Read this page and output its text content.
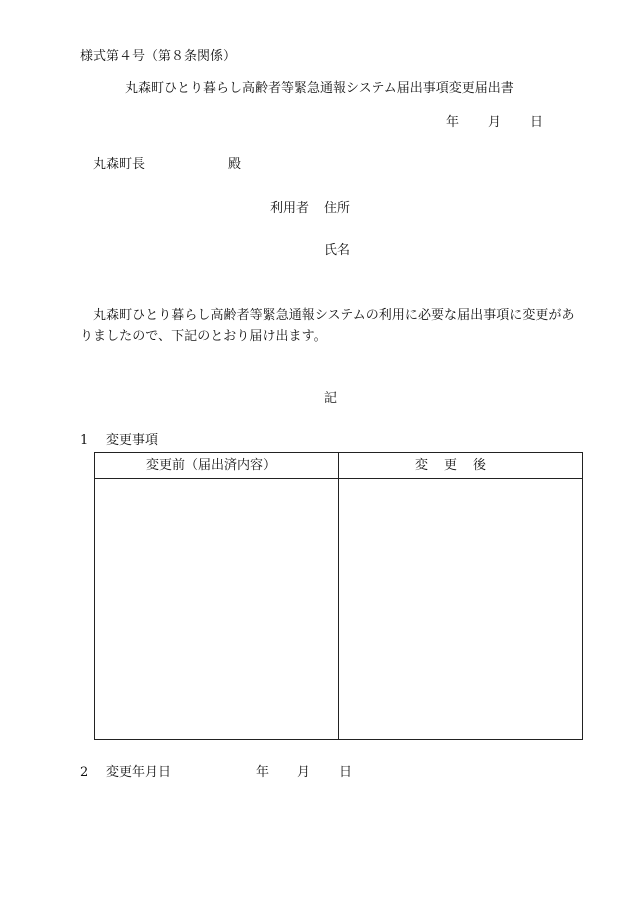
様式第４号（第８条関係）
丸森町ひとり暮らし高齢者等緊急通報システム届出事項変更届出書
年 月 日
丸森町長	殿
利用者 住所
氏名
丸森町ひとり暮らし高齢者等緊急通報システムの利用に必要な届出事項に変更がありましたので、下記のとおり届け出ます。
記
1 変更事項
変更前（届出済内容）	変更後
2 変更年月日	年 月 日
